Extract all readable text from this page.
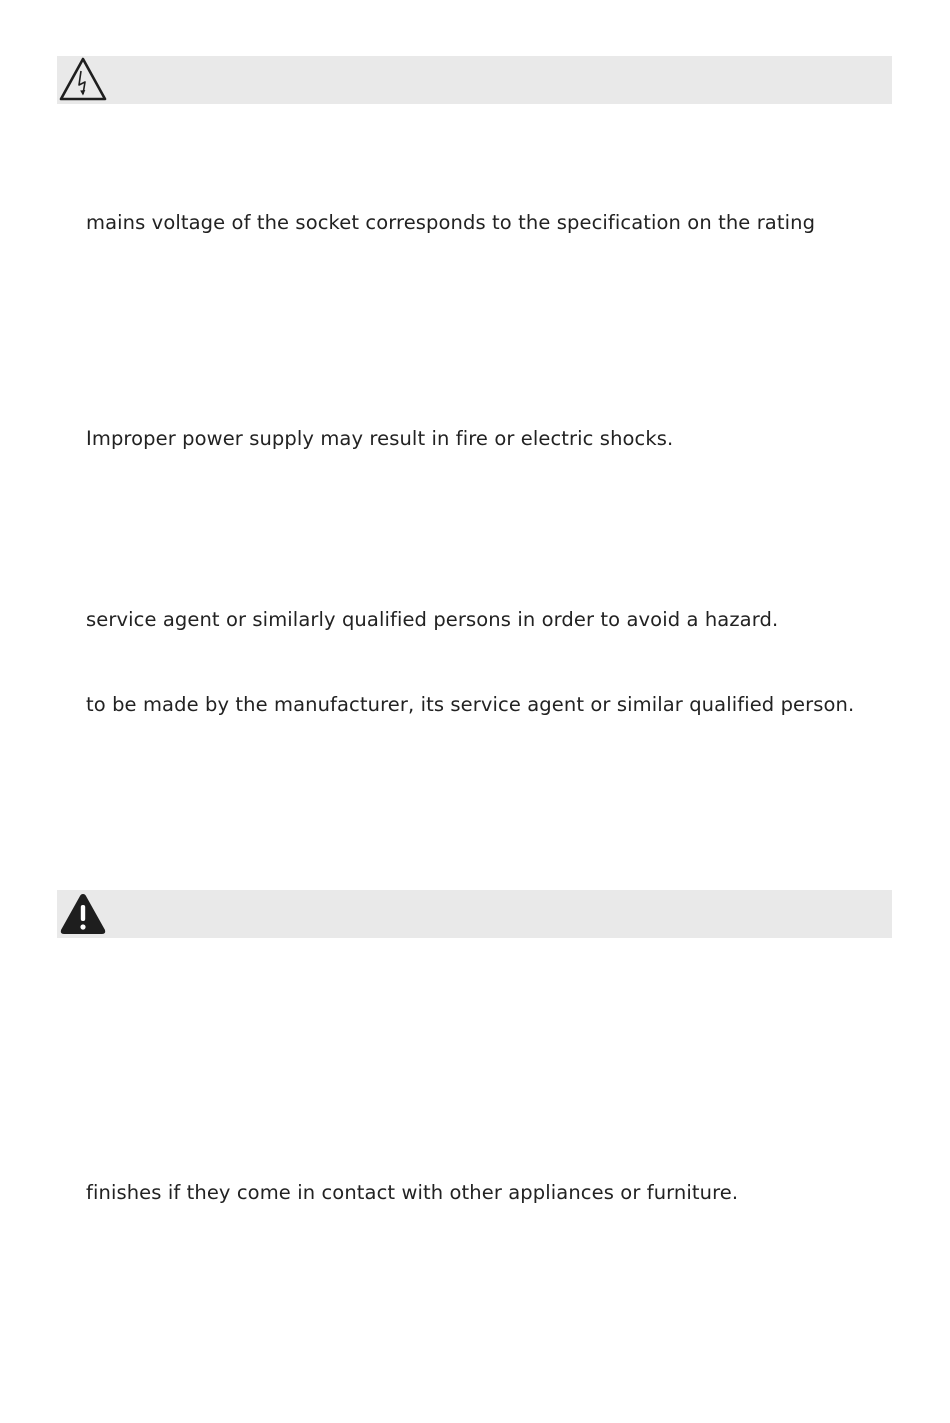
mains voltage of the socket corresponds to the specification on the rating
Improper power supply may result in fire or electric shocks.
service agent or similarly qualified persons in order to avoid a hazard.
to be made by the manufacturer, its service agent or similar qualified person.
finishes if they come in contact with other appliances or furniture.
